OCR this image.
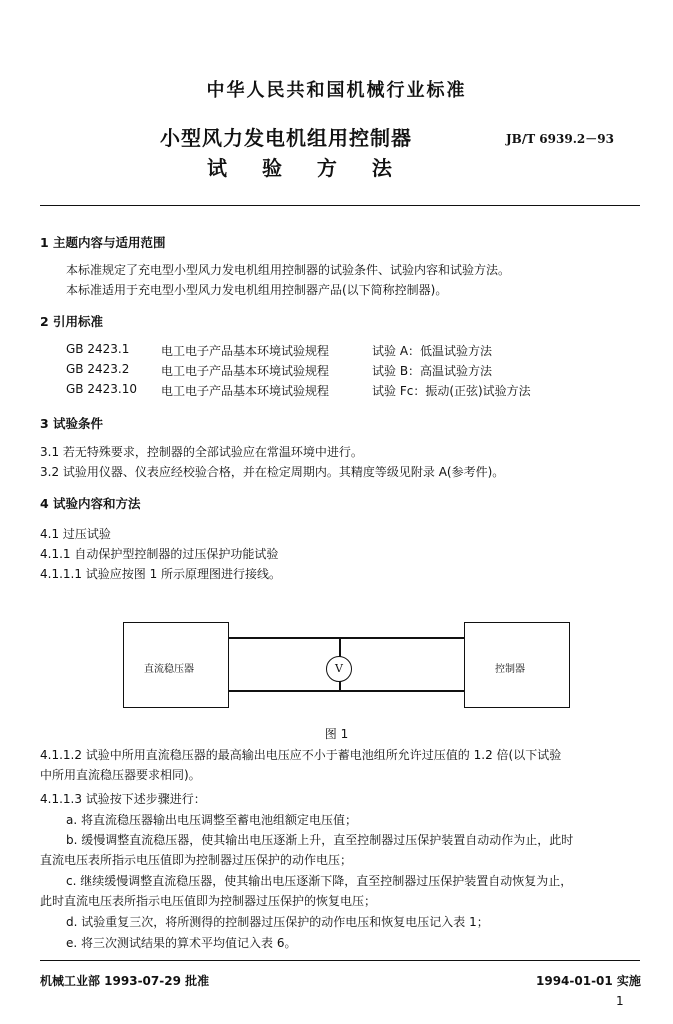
中华人民共和国机械行业标准
小型风力发电机组用控制器
试 验 方 法
JB/T 6939.2－93
1 主题内容与适用范围
本标准规定了充电型小型风力发电机组用控制器的试验条件、试验内容和试验方法。
本标准适用于充电型小型风力发电机组用控制器产品(以下简称控制器)。
2 引用标准
GB 2423.1	电工电子产品基本环境试验规程	试验 A：低温试验方法
GB 2423.2	电工电子产品基本环境试验规程	试验 B：高温试验方法
GB 2423.10 电工电子产品基本环境试验规程	试验 Fc：振动(正弦)试验方法
3 试验条件
3.1 若无特殊要求，控制器的全部试验应在常温环境中进行。
3.2 试验用仪器、仪表应经校验合格，并在检定周期内。其精度等级见附录 A(参考件)。
4 试验内容和方法
4.1 过压试验
4.1.1 自动保护型控制器的过压保护功能试验
4.1.1.1 试验应按图 1 所示原理图进行接线。
直流稳压器	控制器
V
图 1
4.1.1.2 试验中所用直流稳压器的最高输出电压应不小于蓄电池组所允许过压值的 1.2 倍(以下试验
中所用直流稳压器要求相同)。
4.1.1.3 试验按下述步骤进行：
a. 将直流稳压器输出电压调整至蓄电池组额定电压值；
b. 缓慢调整直流稳压器，使其输出电压逐渐上升，直至控制器过压保护装置自动动作为止，此时
直流电压表所指示电压值即为控制器过压保护的动作电压；
c. 继续缓慢调整直流稳压器，使其输出电压逐渐下降，直至控制器过压保护装置自动恢复为止，
此时直流电压表所指示电压值即为控制器过压保护的恢复电压；
d. 试验重复三次，将所测得的控制器过压保护的动作电压和恢复电压记入表 1；
e. 将三次测试结果的算术平均值记入表 6。
机械工业部 1993-07-29 批准	1994-01-01 实施
1
